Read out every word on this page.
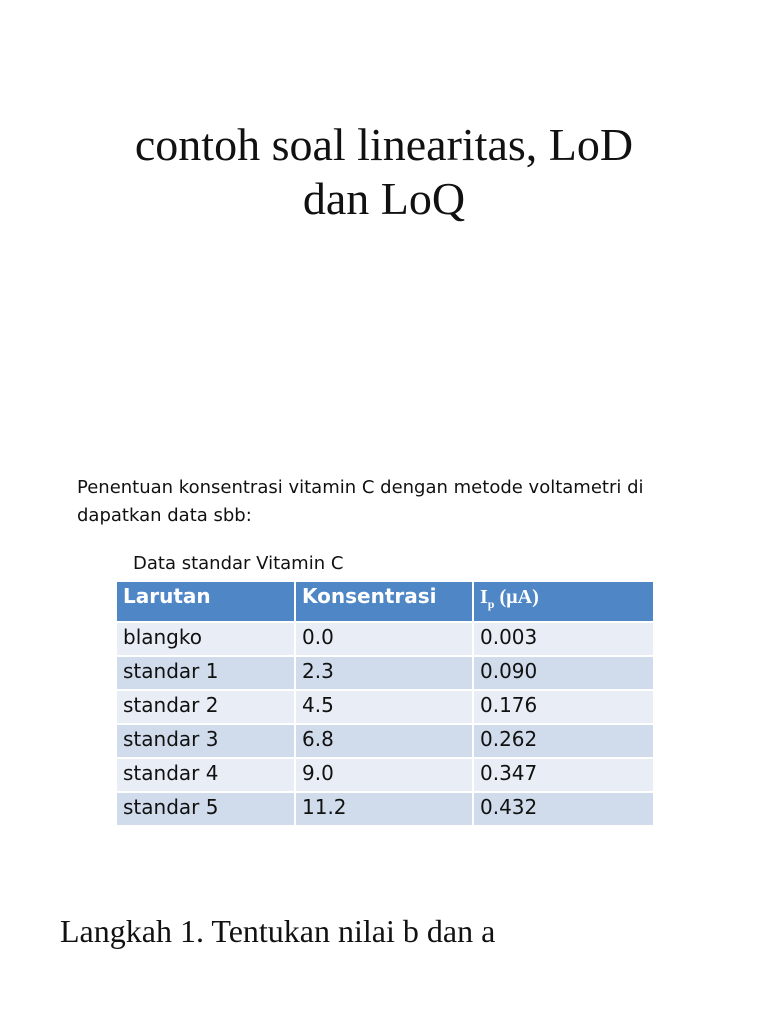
contoh soal linearitas, LoD
dan LoQ
Penentuan konsentrasi vitamin C dengan metode voltametri di dapatkan data sbb:
Data standar Vitamin C
Larutan	Konsentrasi	$I_p$ (µA)
blangko	0.0	0.003
standar 1	2.3	0.090
standar 2	4.5	0.176
standar 3	6.8	0.262
standar 4	9.0	0.347
standar 5	11.2	0.432
Langkah 1. Tentukan nilai b dan a
